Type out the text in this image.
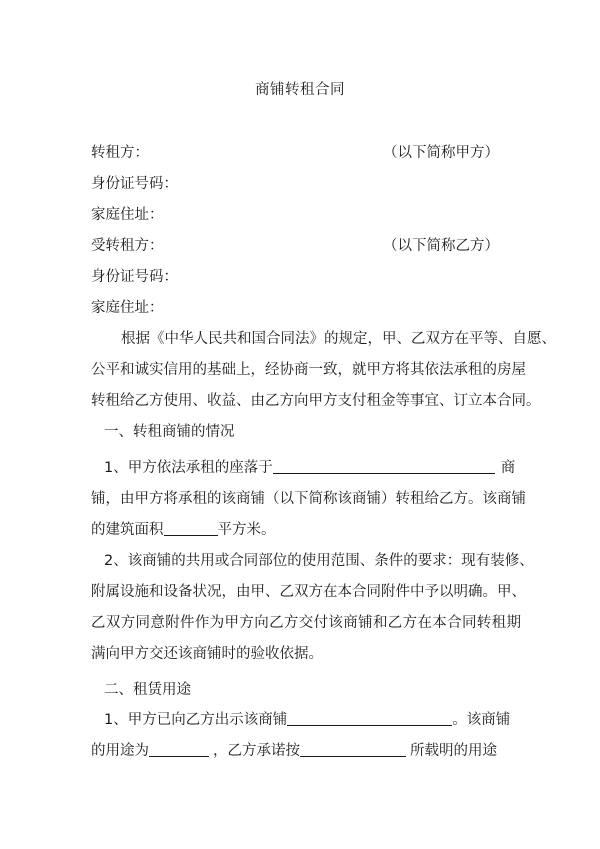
商铺转租合同
转租方：	（以下简称甲方）
身份证号码：
家庭住址：
受转租方：	（以下简称乙方）
身份证号码：
家庭住址：
根据《中华人民共和国合同法》的规定，甲、乙双方在平等、自愿、
公平和诚实信用的基础上，经协商一致，就甲方将其依法承租的房屋
转租给乙方使用、收益、由乙方向甲方支付租金等事宜、订立本合同。
一、转租商铺的情况
1、甲方依法承租的座落于	商
铺，由甲方将承租的该商铺（以下简称该商铺）转租给乙方。该商铺
的建筑面积	平方米。
2、该商铺的共用或合同部位的使用范围、条件的要求：现有装修、
附属设施和设备状况，由甲、乙双方在本合同附件中予以明确。甲、
乙双方同意附件作为甲方向乙方交付该商铺和乙方在本合同转租期
满向甲方交还该商铺时的验收依据。
二、租赁用途
1、甲方已向乙方出示该商铺	。该商铺
的用途为	，乙方承诺按	所载明的用途
